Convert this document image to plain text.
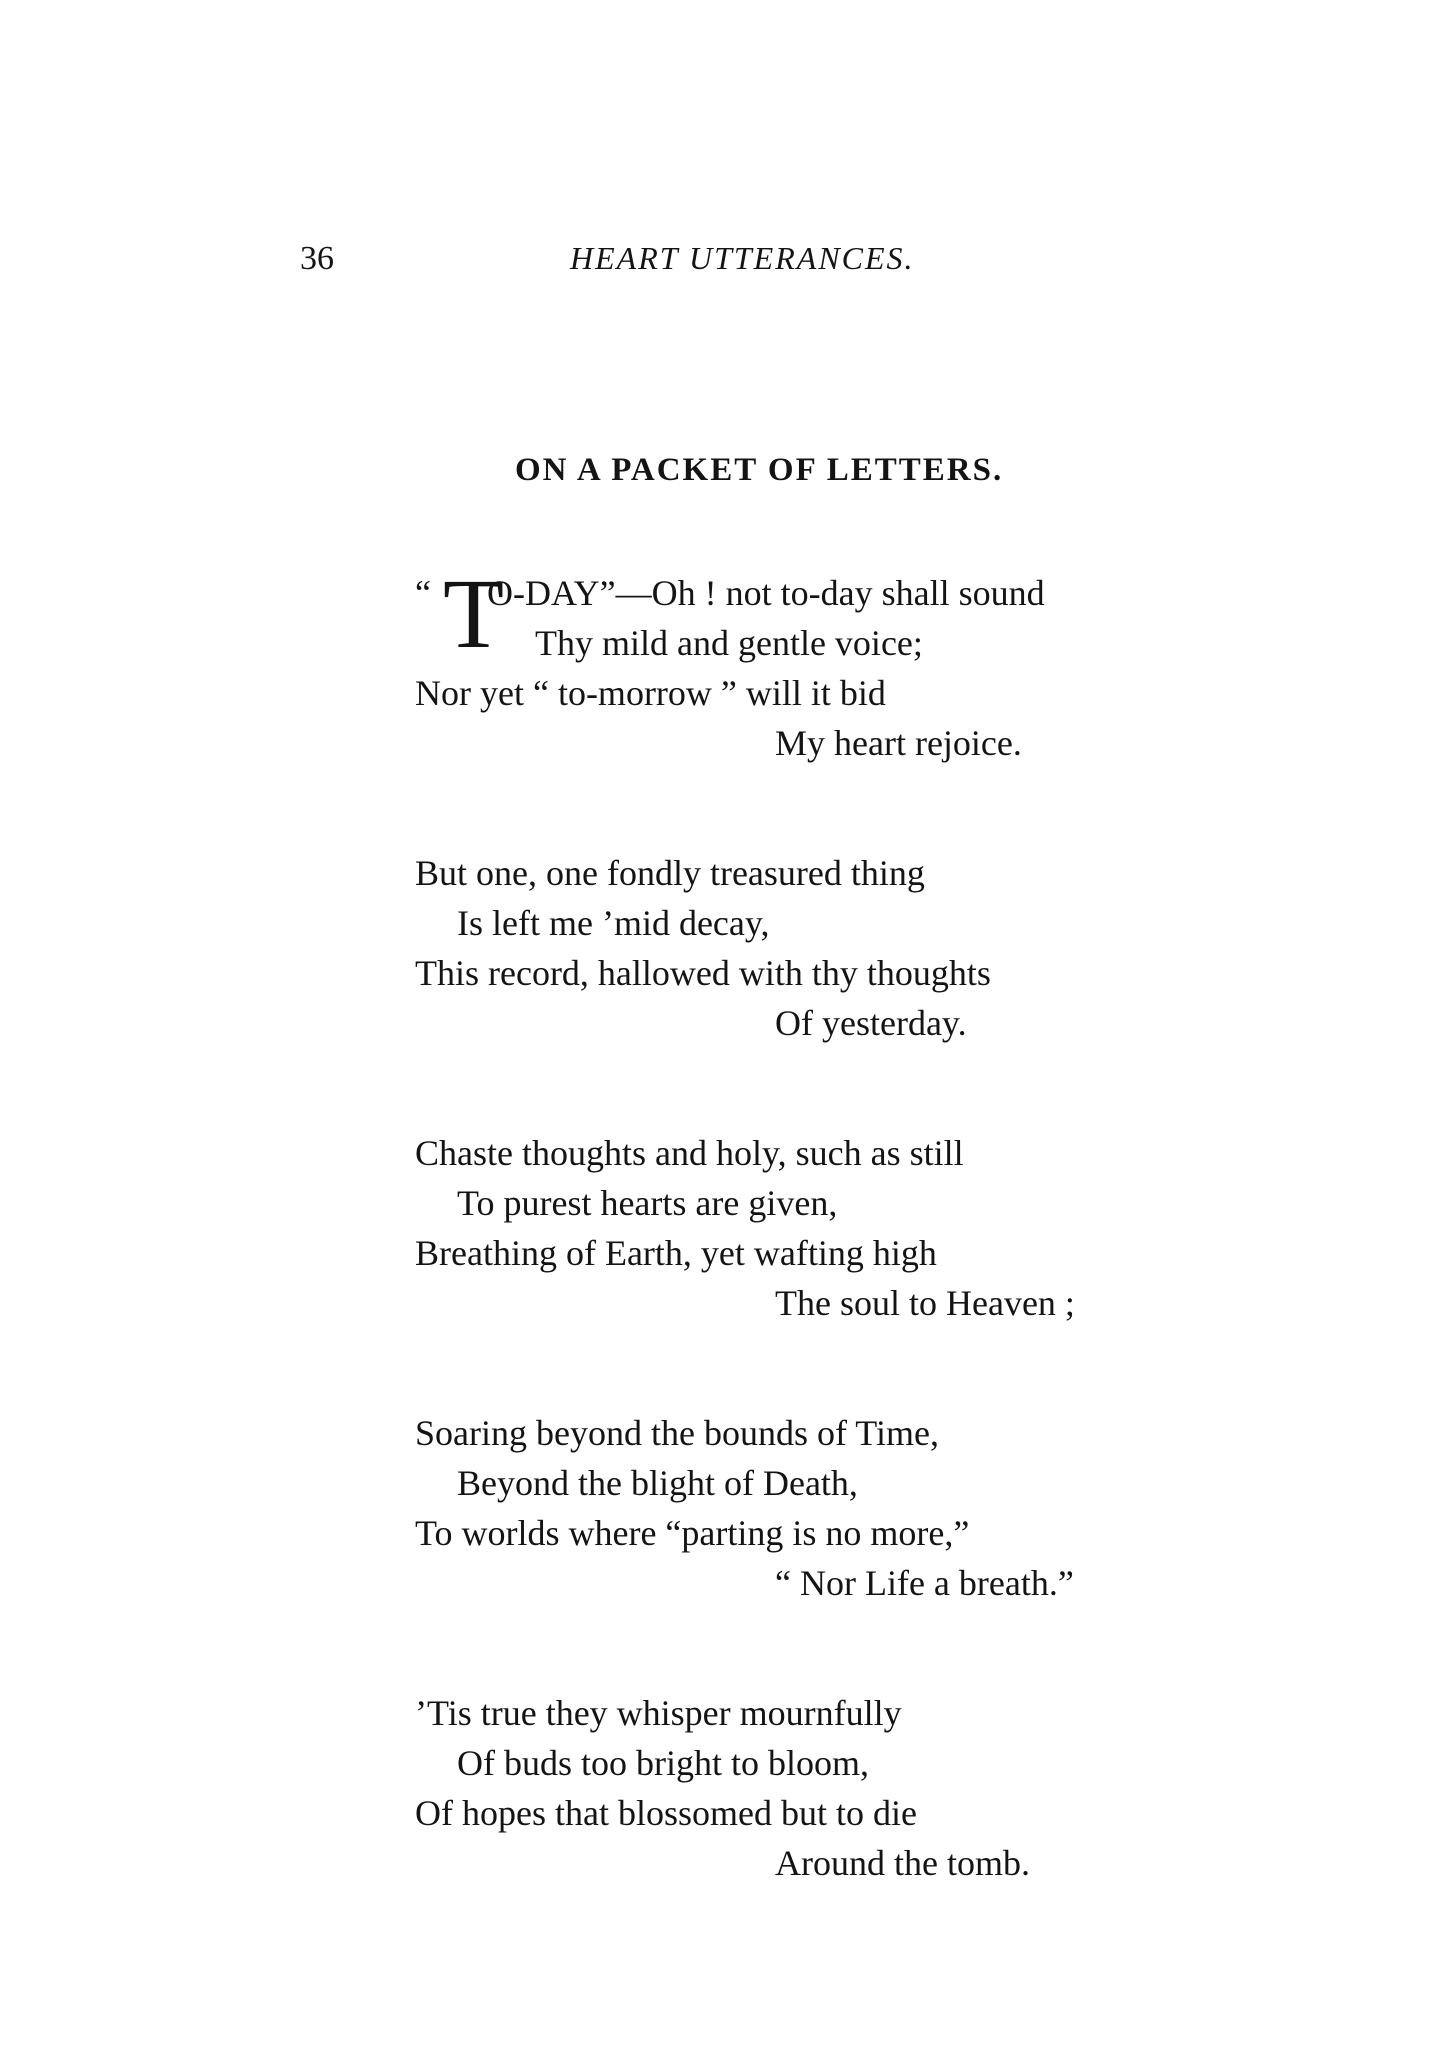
36	HEART UTTERANCES.
ON A PACKET OF LETTERS.
“ T
O-DAY”—Oh ! not to-day shall sound
Thy mild and gentle voice;
Nor yet “ to-morrow ” will it bid
My heart rejoice.
But one, one fondly treasured thing
Is left me ’mid decay,
This record, hallowed with thy thoughts
Of yesterday.
Chaste thoughts and holy, such as still
To purest hearts are given,
Breathing of Earth, yet wafting high
The soul to Heaven ;
Soaring beyond the bounds of Time,
Beyond the blight of Death,
To worlds where “parting is no more,”
“ Nor Life a breath.”
’Tis true they whisper mournfully
Of buds too bright to bloom,
Of hopes that blossomed but to die
Around the tomb.
